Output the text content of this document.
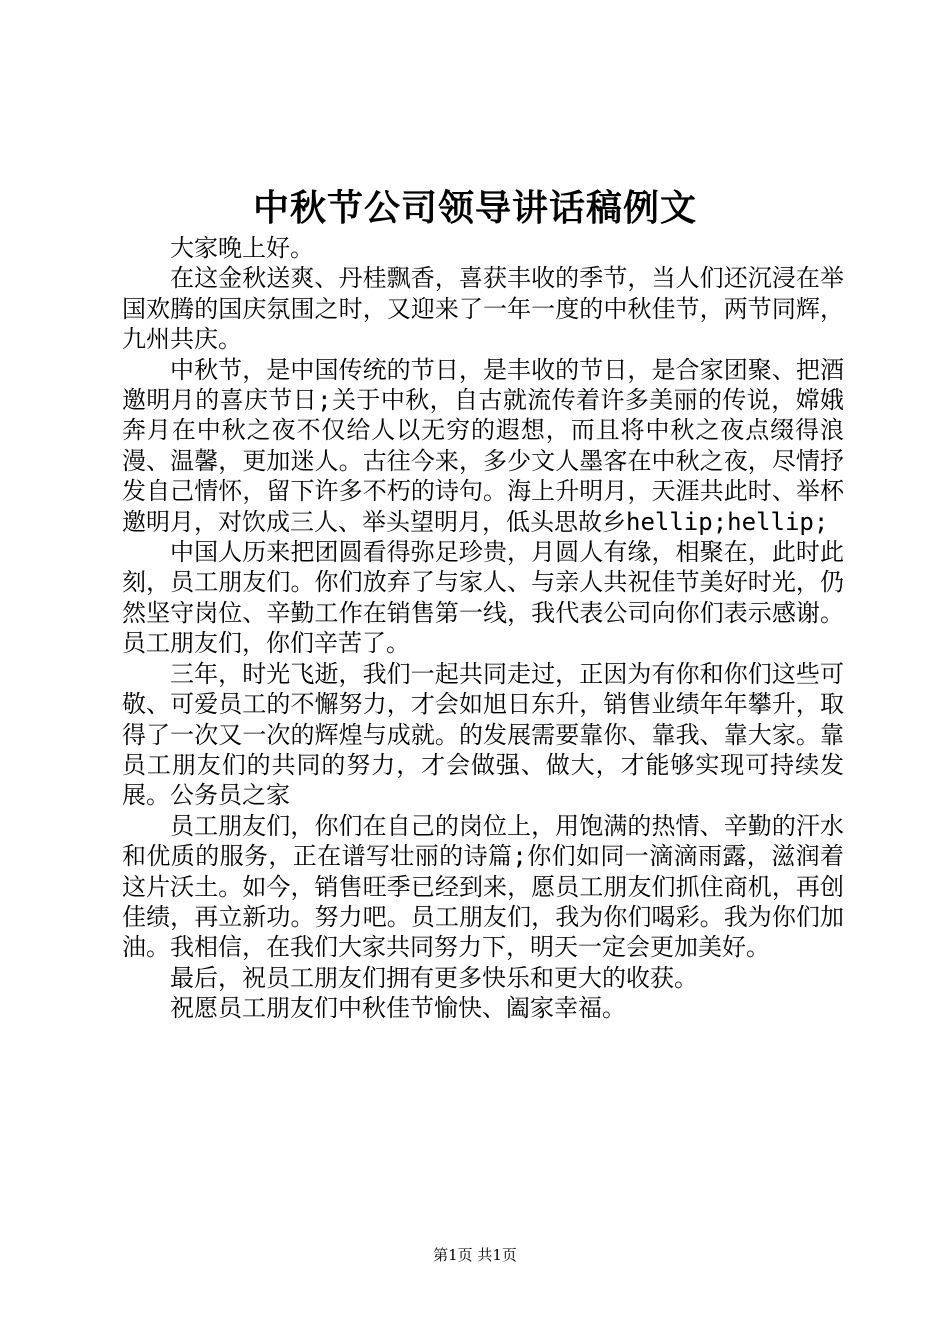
中秋节公司领导讲话稿例文

大家晚上好。

在这金秋送爽、丹桂飘香，喜获丰收的季节，当人们还沉浸在举国欢腾的国庆氛围之时，又迎来了一年一度的中秋佳节，两节同辉，九州共庆。

中秋节，是中国传统的节日，是丰收的节日，是合家团聚、把酒邀明月的喜庆节日;关于中秋，自古就流传着许多美丽的传说，嫦娥奔月在中秋之夜不仅给人以无穷的遐想，而且将中秋之夜点缀得浪漫、温馨，更加迷人。古往今来，多少文人墨客在中秋之夜，尽情抒发自己情怀，留下许多不朽的诗句。海上升明月，天涯共此时、举杯邀明月，对饮成三人、举头望明月，低头思故乡hellip;hellip;

中国人历来把团圆看得弥足珍贵，月圆人有缘，相聚在，此时此刻，员工朋友们。你们放弃了与家人、与亲人共祝佳节美好时光，仍然坚守岗位、辛勤工作在销售第一线，我代表公司向你们表示感谢。员工朋友们，你们辛苦了。

三年，时光飞逝，我们一起共同走过，正因为有你和你们这些可敬、可爱员工的不懈努力，才会如旭日东升，销售业绩年年攀升，取得了一次又一次的辉煌与成就。的发展需要靠你、靠我、靠大家。靠员工朋友们的共同的努力，才会做强、做大，才能够实现可持续发展。公务员之家

员工朋友们，你们在自己的岗位上，用饱满的热情、辛勤的汗水和优质的服务，正在谱写壮丽的诗篇;你们如同一滴滴雨露，滋润着这片沃土。如今，销售旺季已经到来，愿员工朋友们抓住商机，再创佳绩，再立新功。努力吧。员工朋友们，我为你们喝彩。我为你们加油。我相信，在我们大家共同努力下，明天一定会更加美好。

最后，祝员工朋友们拥有更多快乐和更大的收获。

祝愿员工朋友们中秋佳节愉快、阖家幸福。

第1页 共1页
